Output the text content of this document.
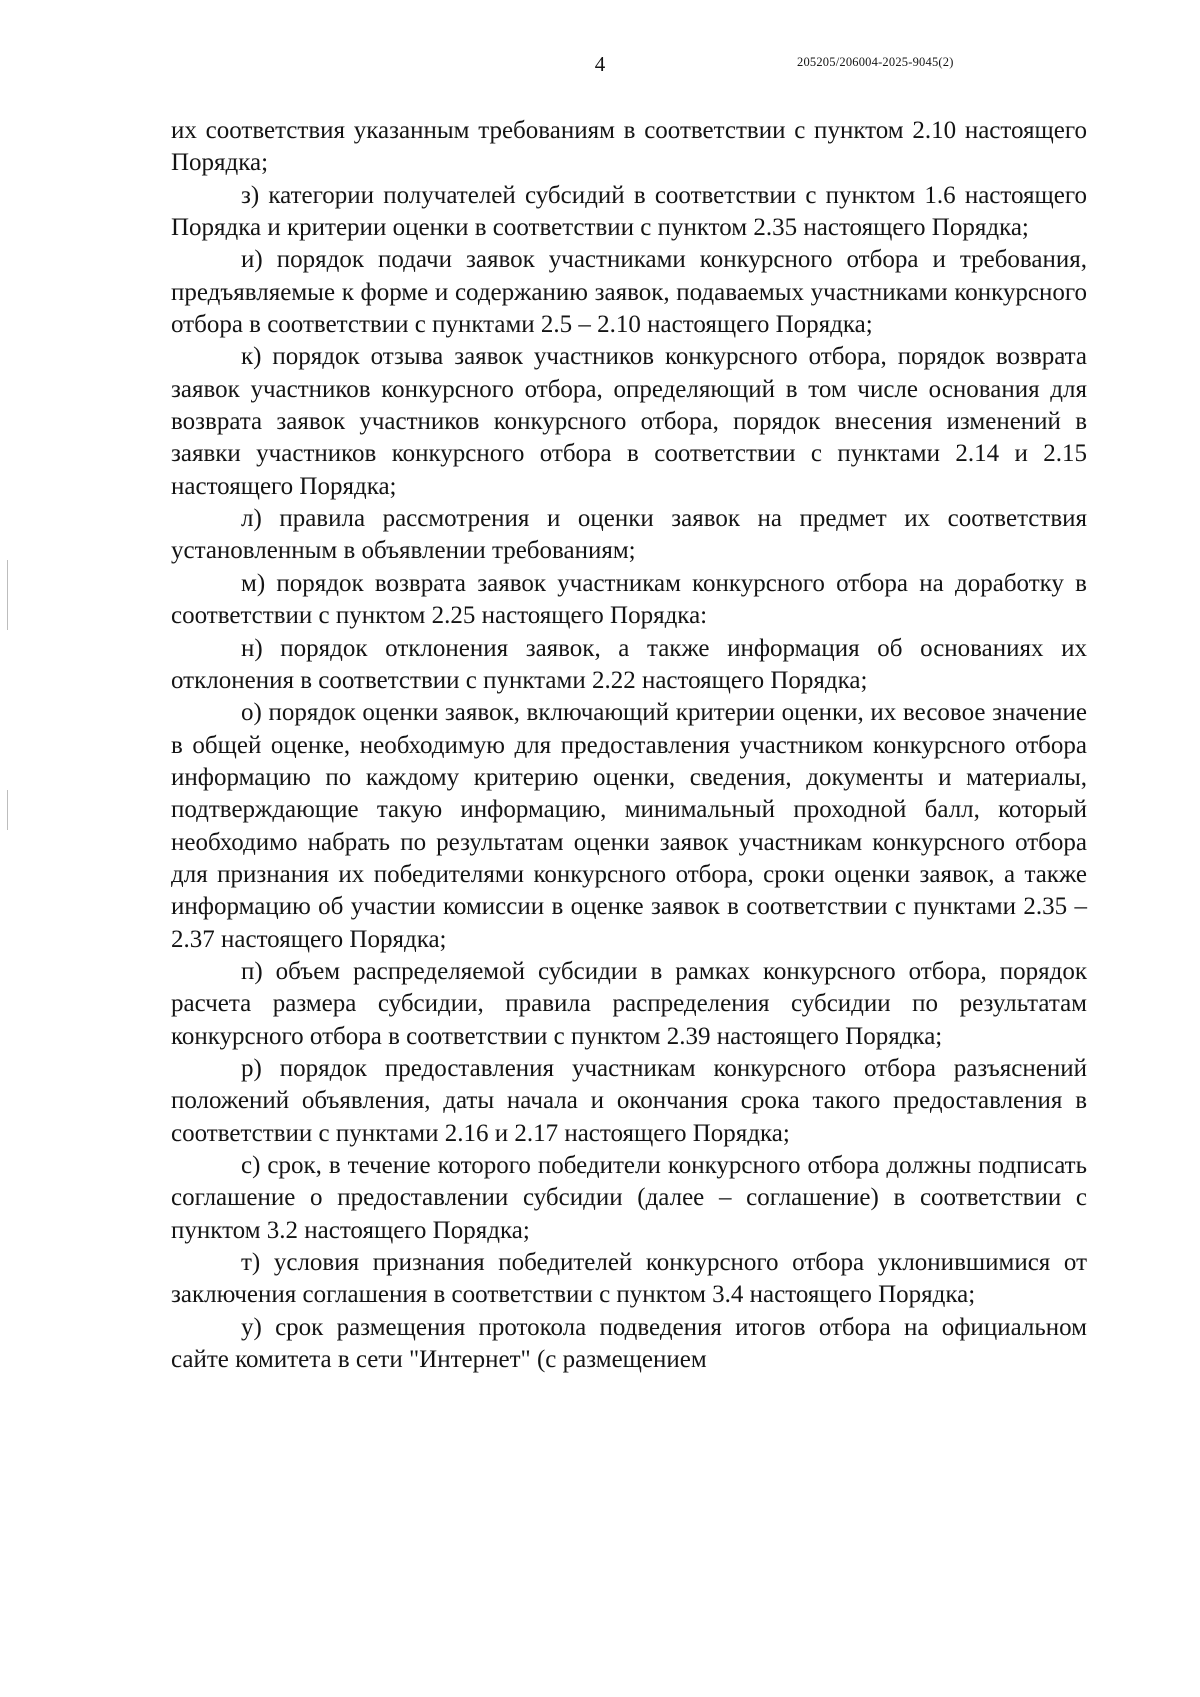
4	205205/206004-2025-9045(2)

их соответствия указанным требованиям в соответствии с пунктом 2.10 настоящего Порядка;

з) категории получателей субсидий в соответствии с пунктом 1.6 настоящего Порядка и критерии оценки в соответствии с пунктом 2.35 настоящего Порядка;

и) порядок подачи заявок участниками конкурсного отбора и требования, предъявляемые к форме и содержанию заявок, подаваемых участниками конкурсного отбора в соответствии с пунктами 2.5 – 2.10 настоящего Порядка;

к) порядок отзыва заявок участников конкурсного отбора, порядок возврата заявок участников конкурсного отбора, определяющий в том числе основания для возврата заявок участников конкурсного отбора, порядок внесения изменений в заявки участников конкурсного отбора в соответствии с пунктами 2.14 и 2.15 настоящего Порядка;

л) правила рассмотрения и оценки заявок на предмет их соответствия установленным в объявлении требованиям;

м) порядок возврата заявок участникам конкурсного отбора на доработку в соответствии с пунктом 2.25 настоящего Порядка:

н) порядок отклонения заявок, а также информация об основаниях их отклонения в соответствии с пунктами 2.22 настоящего Порядка;

о) порядок оценки заявок, включающий критерии оценки, их весовое значение в общей оценке, необходимую для предоставления участником конкурсного отбора информацию по каждому критерию оценки, сведения, документы и материалы, подтверждающие такую информацию, минимальный проходной балл, который необходимо набрать по результатам оценки заявок участникам конкурсного отбора для признания их победителями конкурсного отбора, сроки оценки заявок, а также информацию об участии комиссии в оценке заявок в соответствии с пунктами 2.35 – 2.37 настоящего Порядка;

п) объем распределяемой субсидии в рамках конкурсного отбора, порядок расчета размера субсидии, правила распределения субсидии по результатам конкурсного отбора в соответствии с пунктом 2.39 настоящего Порядка;

р) порядок предоставления участникам конкурсного отбора разъяснений положений объявления, даты начала и окончания срока такого предоставления в соответствии с пунктами 2.16 и 2.17 настоящего Порядка;

с) срок, в течение которого победители конкурсного отбора должны подписать соглашение о предоставлении субсидии (далее – соглашение) в соответствии с пунктом 3.2 настоящего Порядка;

т) условия признания победителей конкурсного отбора уклонившимися от заключения соглашения в соответствии с пунктом 3.4 настоящего Порядка;

у) срок размещения протокола подведения итогов отбора на официальном сайте комитета в сети "Интернет" (с размещением
